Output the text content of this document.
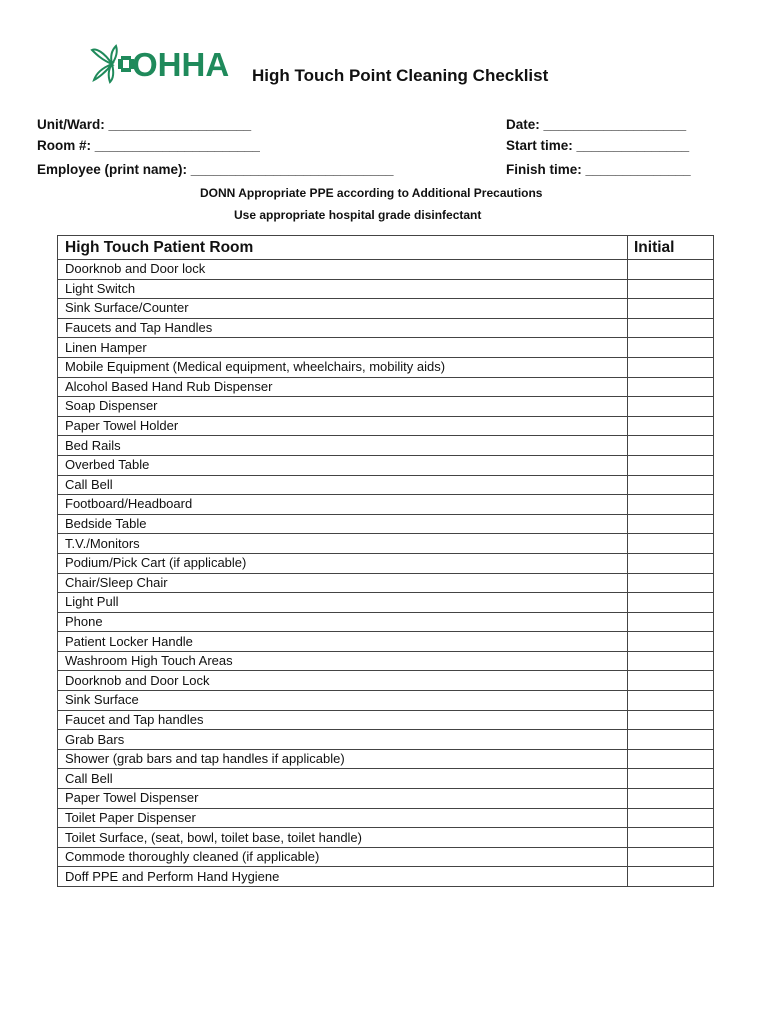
OHHA High Touch Point Cleaning Checklist
Unit/Ward: ___________________
Room #: ______________________
Employee (print name): ___________________________
Date: ___________________
Start time: _______________
Finish time: ______________
DONN Appropriate PPE according to Additional Precautions
Use appropriate hospital grade disinfectant
High Touch Patient Room	Initial
Doorknob and Door lock	
Light Switch	
Sink Surface/Counter	
Faucets and Tap Handles	
Linen Hamper	
Mobile Equipment (Medical equipment, wheelchairs, mobility aids)	
Alcohol Based Hand Rub Dispenser	
Soap Dispenser	
Paper Towel Holder	
Bed Rails	
Overbed Table	
Call Bell	
Footboard/Headboard	
Bedside Table	
T.V./Monitors	
Podium/Pick Cart (if applicable)	
Chair/Sleep Chair	
Light Pull	
Phone	
Patient Locker Handle	
Washroom High Touch Areas	
Doorknob and Door Lock	
Sink Surface	
Faucet and Tap handles	
Grab Bars	
Shower (grab bars and tap handles if applicable)	
Call Bell	
Paper Towel Dispenser	
Toilet Paper Dispenser	
Toilet Surface, (seat, bowl, toilet base, toilet handle)	
Commode thoroughly cleaned (if applicable)	
Doff PPE and Perform Hand Hygiene	
